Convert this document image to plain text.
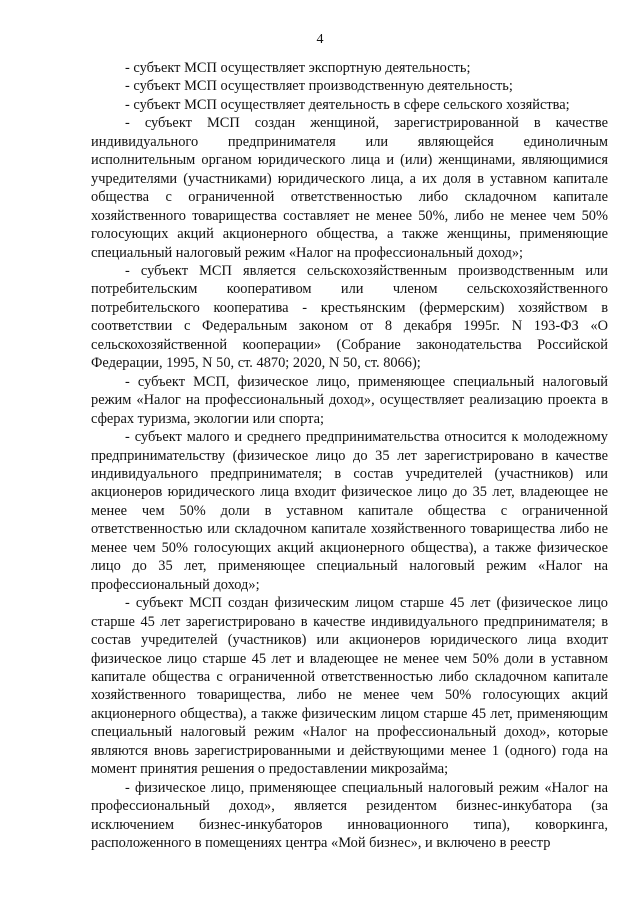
4

- субъект МСП осуществляет экспортную деятельность;

- субъект МСП осуществляет производственную деятельность;

- субъект МСП осуществляет деятельность в сфере сельского хозяйства;

- субъект МСП создан женщиной, зарегистрированной в качестве индивидуального предпринимателя или являющейся единоличным исполнительным органом юридического лица и (или) женщинами, являющимися учредителями (участниками) юридического лица, а их доля в уставном капитале общества с ограниченной ответственностью либо складочном капитале хозяйственного товарищества составляет не менее 50%, либо не менее чем 50% голосующих акций акционерного общества, а также женщины, применяющие специальный налоговый режим «Налог на профессиональный доход»;

- субъект МСП является сельскохозяйственным производственным или потребительским кооперативом или членом сельскохозяйственного потребительского кооператива - крестьянским (фермерским) хозяйством в соответствии с Федеральным законом от 8 декабря 1995г. N 193-ФЗ «О сельскохозяйственной кооперации» (Собрание законодательства Российской Федерации, 1995, N 50, ст. 4870; 2020, N 50, ст. 8066);

- субъект МСП, физическое лицо, применяющее специальный налоговый режим «Налог на профессиональный доход», осуществляет реализацию проекта в сферах туризма, экологии или спорта;

- субъект малого и среднего предпринимательства относится к молодежному предпринимательству (физическое лицо до 35 лет зарегистрировано в качестве индивидуального предпринимателя; в состав учредителей (участников) или акционеров юридического лица входит физическое лицо до 35 лет, владеющее не менее чем 50% доли в уставном капитале общества с ограниченной ответственностью или складочном капитале хозяйственного товарищества либо не менее чем 50% голосующих акций акционерного общества), а также физическое лицо до 35 лет, применяющее специальный налоговый режим «Налог на профессиональный доход»;

- субъект МСП создан физическим лицом старше 45 лет (физическое лицо старше 45 лет зарегистрировано в качестве индивидуального предпринимателя; в состав учредителей (участников) или акционеров юридического лица входит физическое лицо старше 45 лет и владеющее не менее чем 50% доли в уставном капитале общества с ограниченной ответственностью либо складочном капитале хозяйственного товарищества, либо не менее чем 50% голосующих акций акционерного общества), а также физическим лицом старше 45 лет, применяющим специальный налоговый режим «Налог на профессиональный доход», которые являются вновь зарегистрированными и действующими менее 1 (одного) года на момент принятия решения о предоставлении микрозайма;

- физическое лицо, применяющее специальный налоговый режим «Налог на профессиональный доход», является резидентом бизнес-инкубатора (за исключением бизнес-инкубаторов инновационного типа), коворкинга, расположенного в помещениях центра «Мой бизнес», и включено в реестр
